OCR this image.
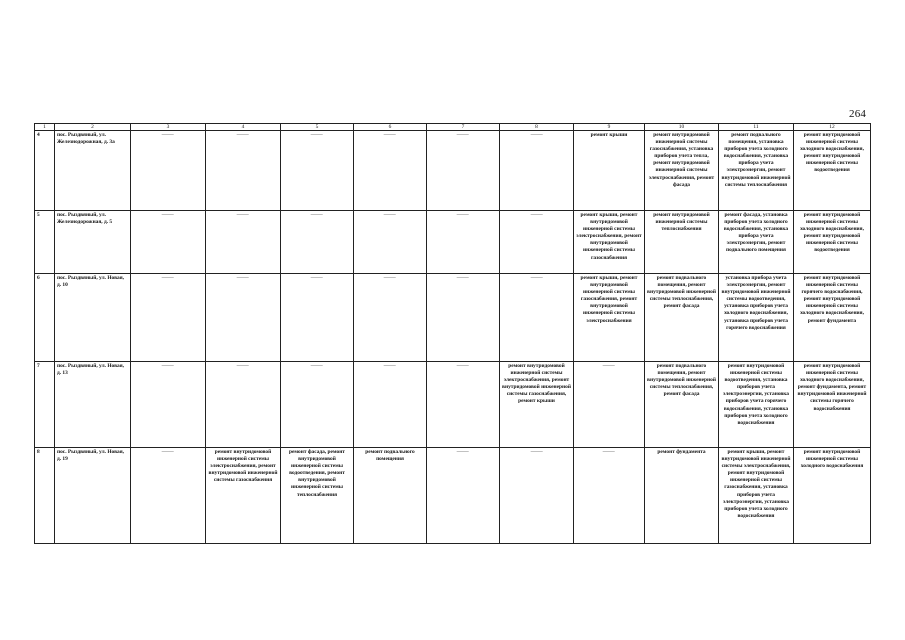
264
1	2	3	4	5	6	7	8	9	10	11	12
4	пос. Рыздвяный, ул. Железнодорожная, д. 3а	—	—	—	—	—	—	ремонт крыши	ремонт внутридомовой инженерной системы газоснабжения, установка приборов учета тепла, ремонт внутридомовой инженерной системы электроснабжения, ремонт фасада	ремонт подвального помещения, установка приборов учета холодного водоснабжения, установка прибора учета электроэнергии, ремонт внутридомовой инженерной системы теплоснабжения	ремонт внутридомовой инженерной системы холодного водоснабжения, ремонт внутридомовой инженерной системы водоотведения
5	пос. Рыздвяный, ул. Железнодорожная, д. 5	—	—	—	—	—	—	ремонт крыши, ремонт внутридомовой инженерной системы электроснабжения, ремонт внутридомовой инженерной системы газоснабжения	ремонт внутридомовой инженерной системы теплоснабжения	ремонт фасада, установка приборов учета холодного водоснабжения, установка прибора учета электроэнергии, ремонт подвального помещения	ремонт внутридомовой инженерной системы холодного водоснабжения, ремонт внутридомовой инженерной системы водоотведения
6	пос. Рыздвяный, ул. Новая, д. 10	—	—	—	—	—	—	ремонт крыши, ремонт внутридомовой инженерной системы газоснабжения, ремонт внутридомовой инженерной системы электроснабжения	ремонт подвального помещения, ремонт внутридомовой инженерной системы теплоснабжения, ремонт фасада	установка прибора учета электроэнергии, ремонт внутридомовой инженерной системы водоотведения, установка приборов учета холодного водоснабжения, установка приборов учета горячего водоснабжения	ремонт внутридомовой инженерной системы горячего водоснабжения, ремонт внутридомовой инженерной системы холодного водоснабжения, ремонт фундамента
7	пос. Рыздвяный, ул. Новая, д. 13	—	—	—	—	—	ремонт внутридомовой инженерной системы электроснабжения, ремонт внутридомовой инженерной системы газоснабжения, ремонт крыши	—	ремонт подвального помещения, ремонт внутридомовой инженерной системы теплоснабжения, ремонт фасада	ремонт внутридомовой инженерной системы водоотведения, установка приборов учета электроэнергии, установка приборов учета горячего водоснабжения, установка приборов учета холодного водоснабжения	ремонт внутридомовой инженерной системы холодного водоснабжения, ремонт фундамента, ремонт внутридомовой инженерной системы горячего водоснабжения
8	пос. Рыздвяный, ул. Новая, д. 19	—	ремонт внутридомовой инженерной системы электроснабжения, ремонт внутридомовой инженерной системы газоснабжения	ремонт фасада, ремонт внутридомовой инженерной системы водоотведения, ремонт внутридомовой инженерной системы теплоснабжения	ремонт подвального помещения	—	—	—	ремонт фундамента	ремонт крыши, ремонт внутридомовой инженерной системы электроснабжения, ремонт внутридомовой инженерной системы газоснабжения, установка приборов учета электроэнергии, установка приборов учета холодного водоснабжения	ремонт внутридомовой инженерной системы холодного водоснабжения
